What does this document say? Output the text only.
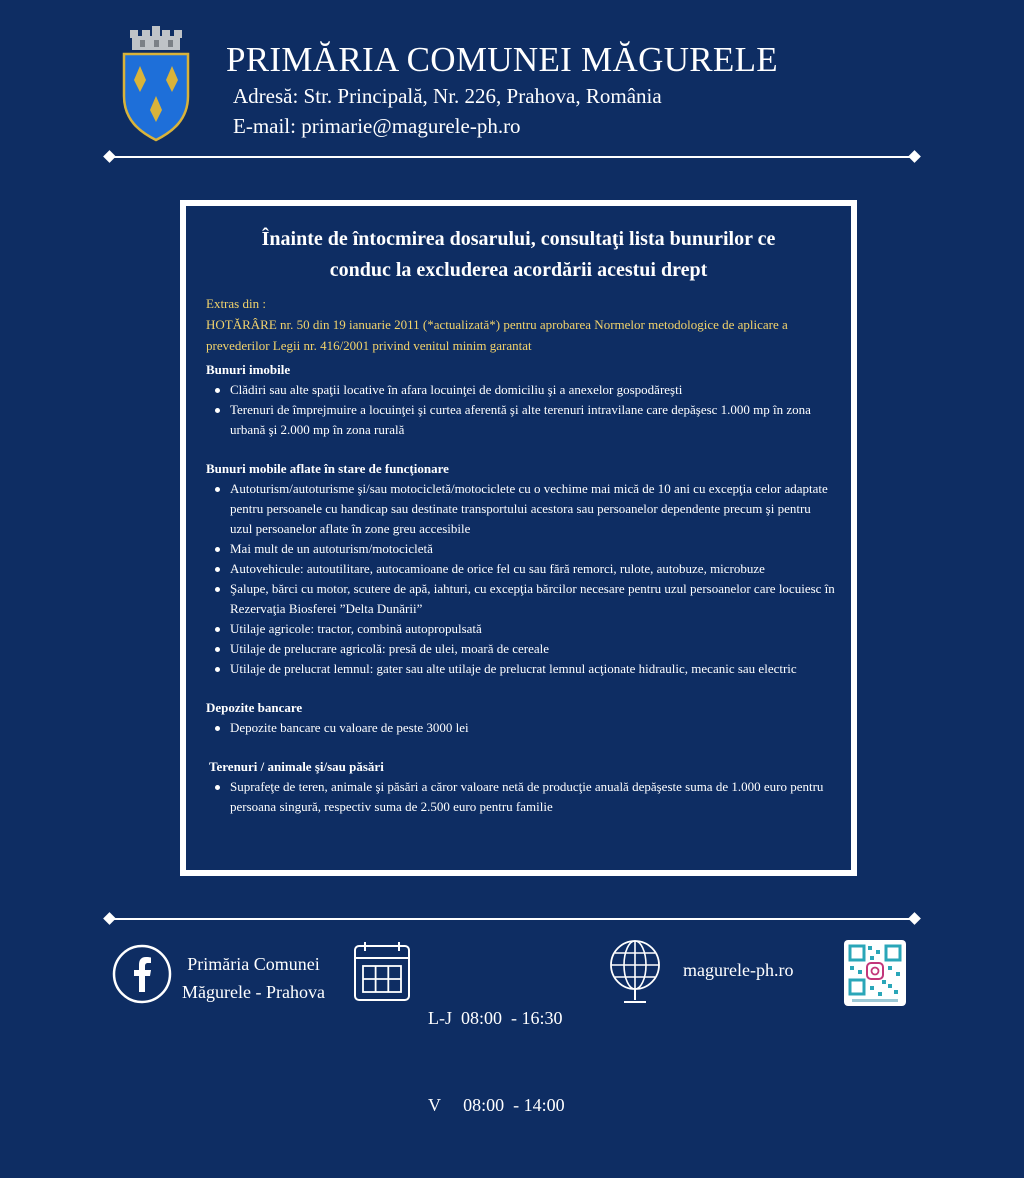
PRIMĂRIA COMUNEI MĂGURELE
Adresă: Str. Principală, Nr. 226, Prahova, România
E-mail: primarie@magurele-ph.ro
Înainte de întocmirea dosarului, consultaţi lista bunurilor ce
conduc la excluderea acordării acestui drept
Extras din :
HOTĂRÂRE nr. 50 din 19 ianuarie 2011 (*actualizată*) pentru aprobarea Normelor metodologice de aplicare a prevederilor Legii nr. 416/2001 privind venitul minim garantat

Bunuri imobile

Clădiri sau alte spaţii locative în afara locuinţei de domiciliu şi a anexelor gospodăreşti
Terenuri de împrejmuire a locuinţei şi curtea aferentă şi alte terenuri intravilane care depăşesc 1.000 mp în zona urbană şi 2.000 mp în zona rurală

Bunuri mobile aflate în stare de funcţionare

Autoturism/autoturisme şi/sau motocicletă/motociclete cu o vechime mai mică de 10 ani cu excepţia celor adaptate pentru persoanele cu handicap sau destinate transportului acestora sau persoanelor dependente precum şi pentru uzul persoanelor aflate în zone greu accesibile
Mai mult de un autoturism/motocicletă
Autovehicule: autoutilitare, autocamioane de orice fel cu sau fără remorci, rulote, autobuze, microbuze
Şalupe, bărci cu motor, scutere de apă, iahturi, cu excepţia bărcilor necesare pentru uzul persoanelor care locuiesc în Rezervaţia Biosferei ”Delta Dunării”
Utilaje agricole: tractor, combină autopropulsată
Utilaje de prelucrare agricolă: presă de ulei, moară de cereale
Utilaje de prelucrat lemnul: gater sau alte utilaje de prelucrat lemnul acţionate hidraulic, mecanic sau electric

Depozite bancare

Depozite bancare cu valoare de peste 3000 lei

Terenuri / animale şi/sau păsări

Suprafeţe de teren, animale şi păsări a căror valoare netă de producţie anuală depăşeste suma de 1.000 euro pentru persoana singură, respectiv suma de 2.500 euro pentru familie
Primăria Comunei
Măgurele - Prahova

L-J  08:00  - 16:30

V     08:00  - 14:00

magurele-ph.ro
